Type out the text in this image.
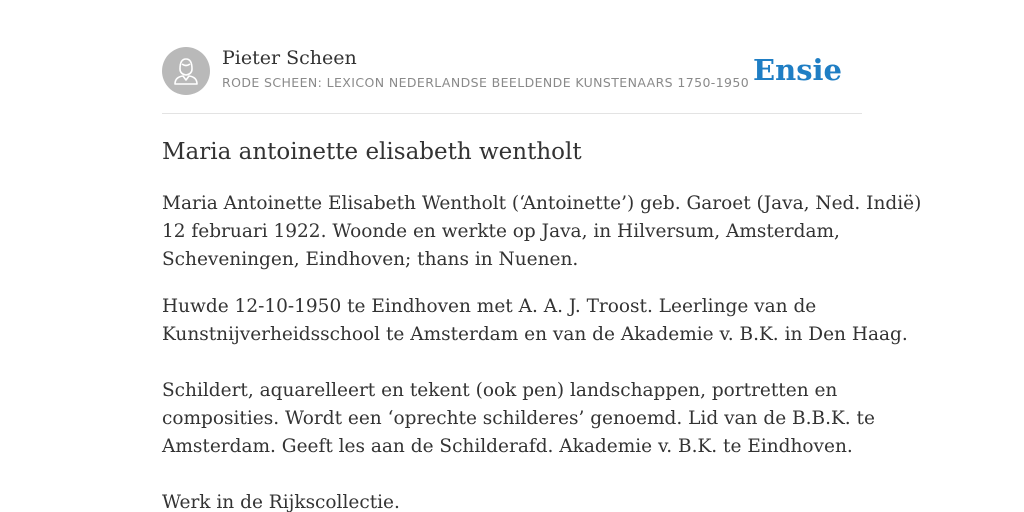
Pieter Scheen
RODE SCHEEN: LEXICON NEDERLANDSE BEELDENDE KUNSTENAARS 1750-1950 Ensie
Maria antoinette elisabeth wentholt

Maria Antoinette Elisabeth Wentholt (‘Antoinette’) geb. Garoet (Java, Ned. Indië)
12 februari 1922. Woonde en werkte op Java, in Hilversum, Amsterdam,
Scheveningen, Eindhoven; thans in Nuenen.

Huwde 12-10-1950 te Eindhoven met A. A. J. Troost. Leerlinge van de
Kunstnijverheidsschool te Amsterdam en van de Akademie v. B.K. in Den Haag.
Schildert, aquarelleert en tekent (ook pen) landschappen, portretten en
composities. Wordt een ‘oprechte schilderes’ genoemd. Lid van de B.B.K. te
Amsterdam. Geeft les aan de Schilderafd. Akademie v. B.K. te Eindhoven.
Werk in de Rijkscollectie.
